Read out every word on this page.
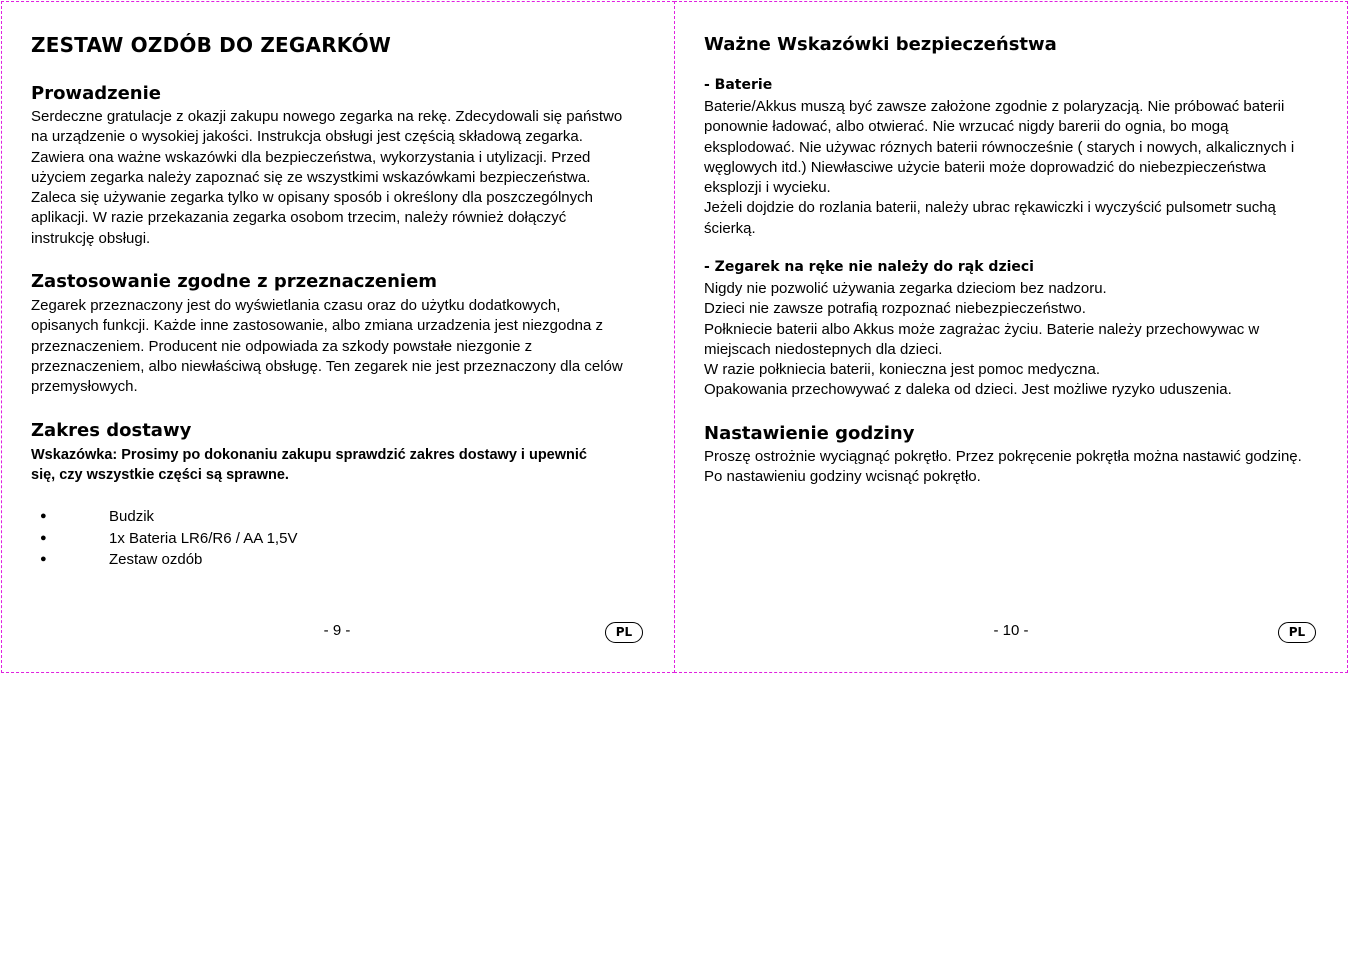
ZESTAW OZDÓB DO ZEGARKÓW
Prowadzenie
Serdeczne gratulacje z okazji zakupu nowego zegarka na rekę. Zdecydowali się państwo
na urządzenie o wysokiej jakości. Instrukcja obsługi jest częścią składową zegarka.
Zawiera ona ważne wskazówki dla bezpieczeństwa, wykorzystania i utylizacji. Przed
użyciem zegarka należy zapoznać się ze wszystkimi wskazówkami bezpieczeństwa.
Zaleca się używanie zegarka tylko w opisany sposób i określony dla poszczególnych
aplikacji. W razie przekazania zegarka osobom trzecim, należy również dołączyć
instrukcję obsługi.
Zastosowanie zgodne z przeznaczeniem
Zegarek przeznaczony jest do wyświetlania czasu oraz do użytku dodatkowych,
opisanych funkcji. Każde inne zastosowanie, albo zmiana urzadzenia jest niezgodna z
przeznaczeniem. Producent nie odpowiada za szkody powstałe niezgonie z
przeznaczeniem, albo niewłaściwą obsługę. Ten zegarek nie jest przeznaczony dla celów
przemysłowych.
Zakres dostawy
Wskazówka: Prosimy po dokonaniu zakupu sprawdzić zakres dostawy i upewnić
się, czy wszystkie części są sprawne.
●	Budzik
●	1x Bateria LR6/R6 / AA 1,5V
●	Zestaw ozdób
- 9 -	PL
Ważne Wskazówki bezpieczeństwa
- Baterie
Baterie/Akkus muszą być zawsze założone zgodnie z polaryzacją. Nie próbować baterii
ponownie ładować, albo otwierać. Nie wrzucać nigdy barerii do ognia, bo mogą
eksplodować. Nie używac róznych baterii równocześnie ( starych i nowych, alkalicznych i
węglowych itd.) Niewłasciwe użycie baterii może doprowadzić do niebezpieczeństwa
eksplozji i wycieku.
Jeżeli dojdzie do rozlania baterii, należy ubrac rękawiczki i wyczyścić pulsometr suchą
ścierką.
- Zegarek na ręke nie należy do rąk dzieci
Nigdy nie pozwolić używania zegarka dzieciom bez nadzoru.
Dzieci nie zawsze potrafią rozpoznać niebezpieczeństwo.
Połkniecie baterii albo Akkus może zagrażac życiu. Baterie należy przechowywac w
miejscach niedostepnych dla dzieci.
W razie połkniecia baterii, konieczna jest pomoc medyczna.
Opakowania przechowywać z daleka od dzieci. Jest możliwe ryzyko uduszenia.
Nastawienie godziny
Proszę ostrożnie wyciągnąć pokrętło. Przez pokręcenie pokrętła można nastawić godzinę.
Po nastawieniu godziny wcisnąć pokrętło.
- 10 -	PL
